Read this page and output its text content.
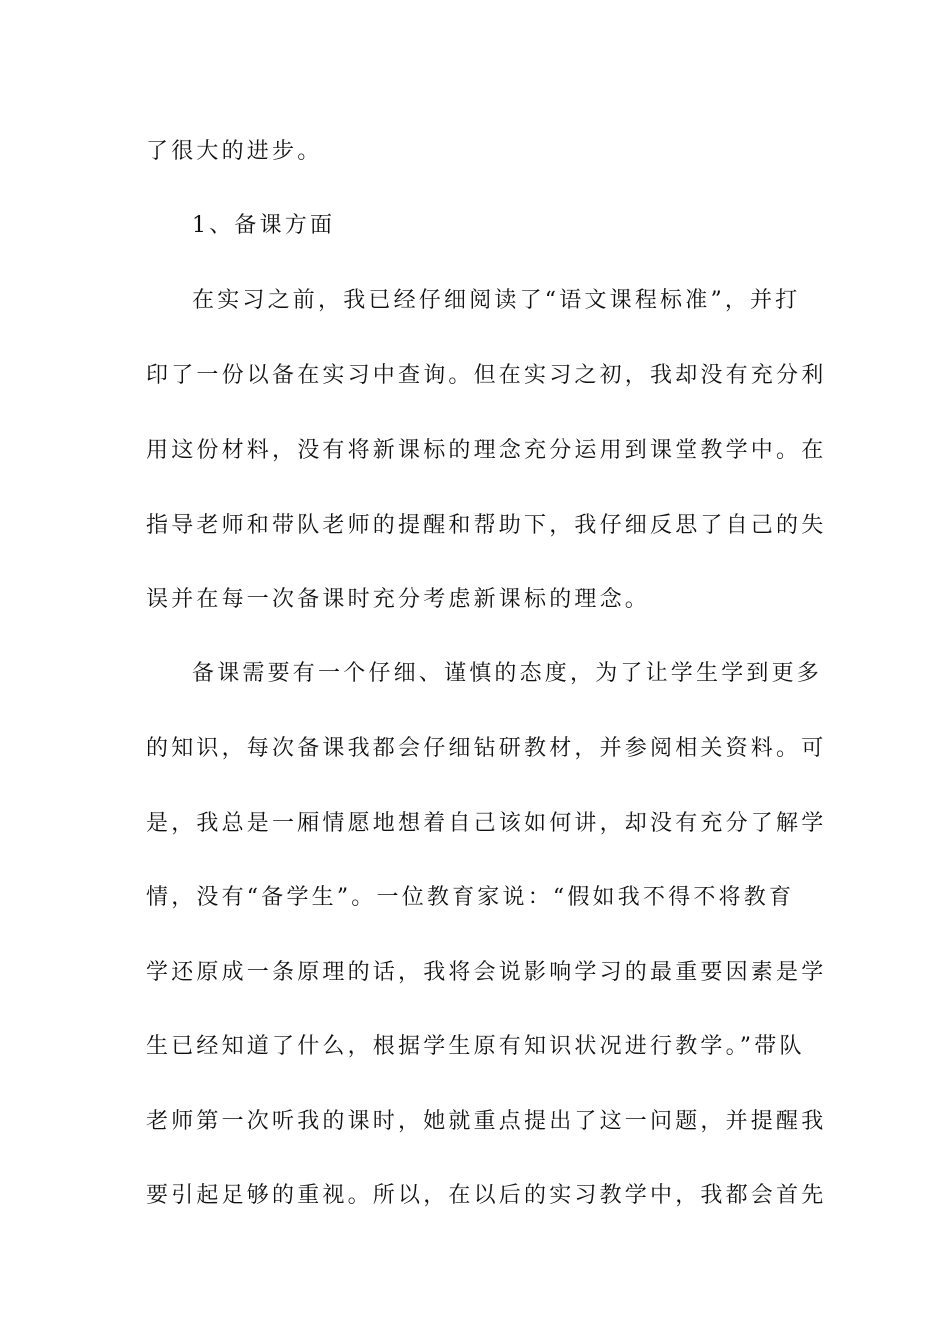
了很大的进步。
1、备课方面
在实习之前，我已经仔细阅读了“语文课程标准”，并打
印了一份以备在实习中查询。但在实习之初，我却没有充分利
用这份材料，没有将新课标的理念充分运用到课堂教学中。在
指导老师和带队老师的提醒和帮助下，我仔细反思了自己的失
误并在每一次备课时充分考虑新课标的理念。
备课需要有一个仔细、谨慎的态度，为了让学生学到更多
的知识，每次备课我都会仔细钻研教材，并参阅相关资料。可
是，我总是一厢情愿地想着自己该如何讲，却没有充分了解学
情，没有“备学生”。一位教育家说：“假如我不得不将教育
学还原成一条原理的话，我将会说影响学习的最重要因素是学
生已经知道了什么，根据学生原有知识状况进行教学。”带队
老师第一次听我的课时，她就重点提出了这一问题，并提醒我
要引起足够的重视。所以，在以后的实习教学中，我都会首先
